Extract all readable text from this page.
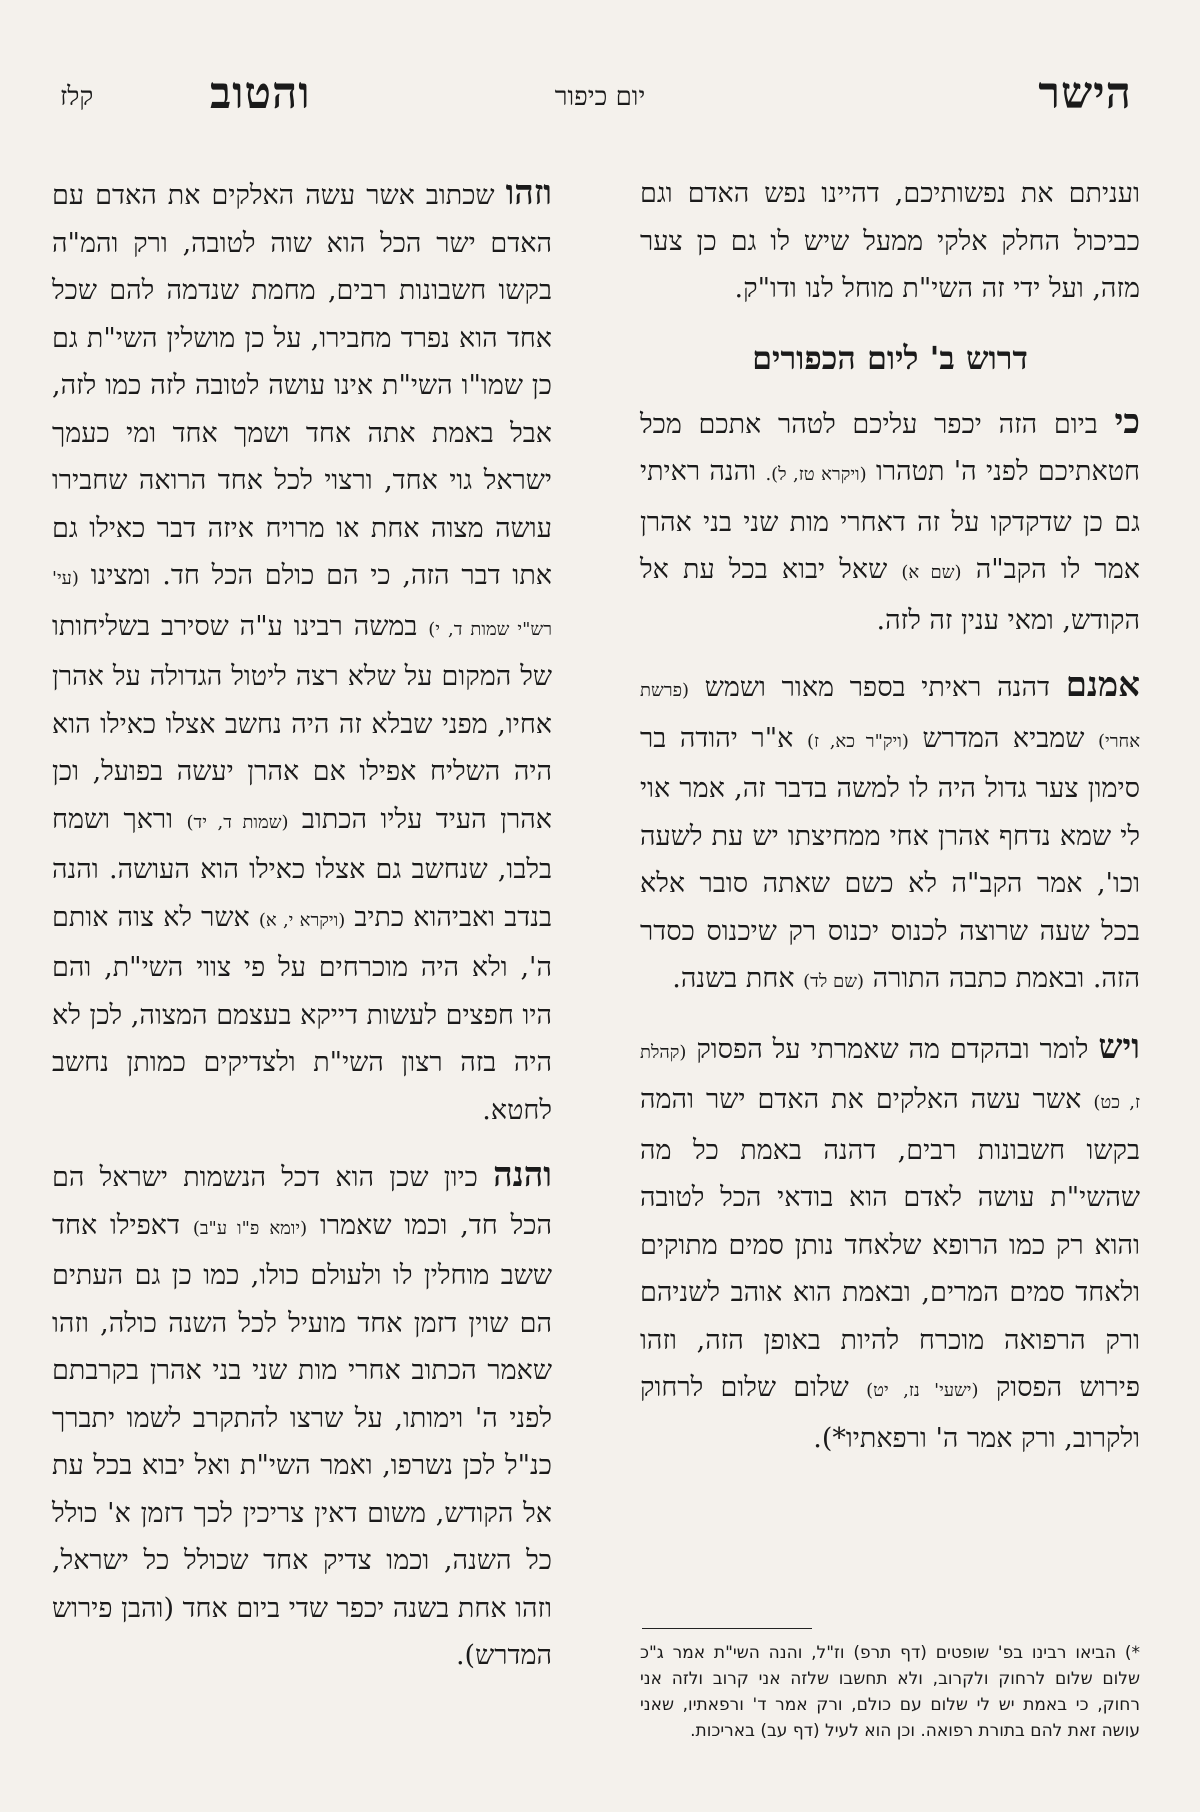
הישר
יום כיפור
והטוב
קלז

ועניתם את נפשותיכם, דהיינו נפש האדם וגם כביכול החלק אלקי ממעל שיש לו גם כן צער מזה, ועל ידי זה השי"ת מוחל לנו ודו"ק.

דרוש ב' ליום הכפורים

כי ביום הזה יכפר עליכם לטהר אתכם מכל חטאתיכם לפני ה' תטהרו (ויקרא טז, ל). והנה ראיתי גם כן שדקדקו על זה דאחרי מות שני בני אהרן אמר לו הקב"ה (שם א) שאל יבוא בכל עת אל הקודש, ומאי ענין זה לזה.

אמנם דהנה ראיתי בספר מאור ושמש (פרשת אחרי) שמביא המדרש (ויק"ר כא, ז) א"ר יהודה בר סימון צער גדול היה לו למשה בדבר זה, אמר אוי לי שמא נדחף אהרן אחי ממחיצתו יש עת לשעה וכו', אמר הקב"ה לא כשם שאתה סובר אלא בכל שעה שרוצה לכנוס יכנוס רק שיכנוס כסדר הזה. ובאמת כתבה התורה (שם לד) אחת בשנה.

ויש לומר ובהקדם מה שאמרתי על הפסוק (קהלת ז, כט) אשר עשה האלקים את האדם ישר והמה בקשו חשבונות רבים, דהנה באמת כל מה שהשי"ת עושה לאדם הוא בודאי הכל לטובה והוא רק כמו הרופא שלאחד נותן סמים מתוקים ולאחד סמים המרים, ובאמת הוא אוהב לשניהם ורק הרפואה מוכרח להיות באופן הזה, וזהו פירוש הפסוק (ישעי' נז, יט) שלום שלום לרחוק ולקרוב, ורק אמר ה' ורפאתיו*).

וזהו שכתוב אשר עשה האלקים את האדם עם האדם ישר הכל הוא שוה לטובה, ורק והמ"ה בקשו חשבונות רבים, מחמת שנדמה להם שכל אחד הוא נפרד מחבירו, על כן מושלין השי"ת גם כן שמו"ו השי"ת אינו עושה לטובה לזה כמו לזה, אבל באמת אתה אחד ושמך אחד ומי כעמך ישראל גוי אחד, ורצוי לכל אחד הרואה שחבירו עושה מצוה אחת או מרויח איזה דבר כאילו גם אתו דבר הזה, כי הם כולם הכל חד. ומצינו (עי' רש"י שמות ד, י) במשה רבינו ע"ה שסירב בשליחותו של המקום על שלא רצה ליטול הגדולה על אהרן אחיו, מפני שבלא זה היה נחשב אצלו כאילו הוא היה השליח אפילו אם אהרן יעשה בפועל, וכן אהרן העיד עליו הכתוב (שמות ד, יד) וראך ושמח בלבו, שנחשב גם אצלו כאילו הוא העושה. והנה בנדב ואביהוא כתיב (ויקרא י, א) אשר לא צוה אותם ה', ולא היה מוכרחים על פי צווי השי"ת, והם היו חפצים לעשות דייקא בעצמם המצוה, לכן לא היה בזה רצון השי"ת ולצדיקים כמותן נחשב לחטא.

והנה כיון שכן הוא דכל הנשמות ישראל הם הכל חד, וכמו שאמרו (יומא פ"ו ע"ב) דאפילו אחד ששב מוחלין לו ולעולם כולו, כמו כן גם העתים הם שוין דזמן אחד מועיל לכל השנה כולה, וזהו שאמר הכתוב אחרי מות שני בני אהרן בקרבתם לפני ה' וימותו, על שרצו להתקרב לשמו יתברך כנ"ל לכן נשרפו, ואמר השי"ת ואל יבוא בכל עת אל הקודש, משום דאין צריכין לכך דזמן א' כולל כל השנה, וכמו צדיק אחד שכולל כל ישראל, וזהו אחת בשנה יכפר שדי ביום אחד (והבן פירוש המדרש).	*) הביאו רבינו בפ' שופטים (דף תרפ) וז"ל, והנה השי"ת אמר ג"כ שלום שלום לרחוק ולקרוב, ולא תחשבו שלזה אני קרוב ולזה אני רחוק, כי באמת יש לי שלום עם כולם, ורק אמר ד' ורפאתיו, שאני עושה זאת להם בתורת רפואה. וכן הוא לעיל (דף עב) באריכות.
